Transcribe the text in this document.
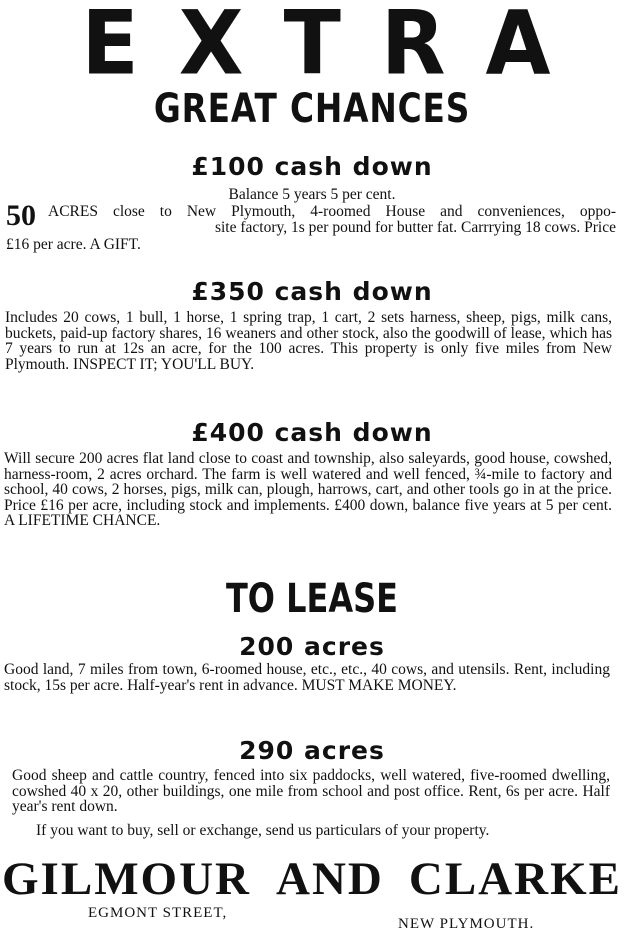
EXTRA
GREAT CHANCES
£100 cash down
Balance 5 years 5 per cent.
50 ACRES close to New Plymouth, 4-roomed House and conveniences, oppo-
site factory, 1s per pound for butter fat. Carrrying 18 cows. Price
£16 per acre. A GIFT.
£350 cash down
Includes 20 cows, 1 bull, 1 horse, 1 spring trap, 1 cart, 2 sets harness, sheep, pigs, milk cans, buckets, paid-up factory shares, 16 weaners and other stock, also the goodwill of lease, which has 7 years to run at 12s an acre, for the 100 acres. This property is only five miles from New Plymouth. INSPECT IT; YOU'LL BUY.
£400 cash down
Will secure 200 acres flat land close to coast and township, also saleyards, good house, cowshed, harness-room, 2 acres orchard. The farm is well watered and well fenced, ¾-mile to factory and school, 40 cows, 2 horses, pigs, milk can, plough, harrows, cart, and other tools go in at the price. Price £16 per acre, including stock and implements. £400 down, balance five years at 5 per cent. A LIFETIME CHANCE.
TO LEASE
200 acres
Good land, 7 miles from town, 6-roomed house, etc., etc., 40 cows, and utensils. Rent, including stock, 15s per acre. Half-year's rent in advance. MUST MAKE MONEY.
290 acres
Good sheep and cattle country, fenced into six paddocks, well watered, five-roomed dwelling, cowshed 40 x 20, other buildings, one mile from school and post office. Rent, 6s per acre. Half year's rent down.
If you want to buy, sell or exchange, send us particulars of your property.
GILMOUR AND CLARKE
EGMONT STREET,
NEW PLYMOUTH.
